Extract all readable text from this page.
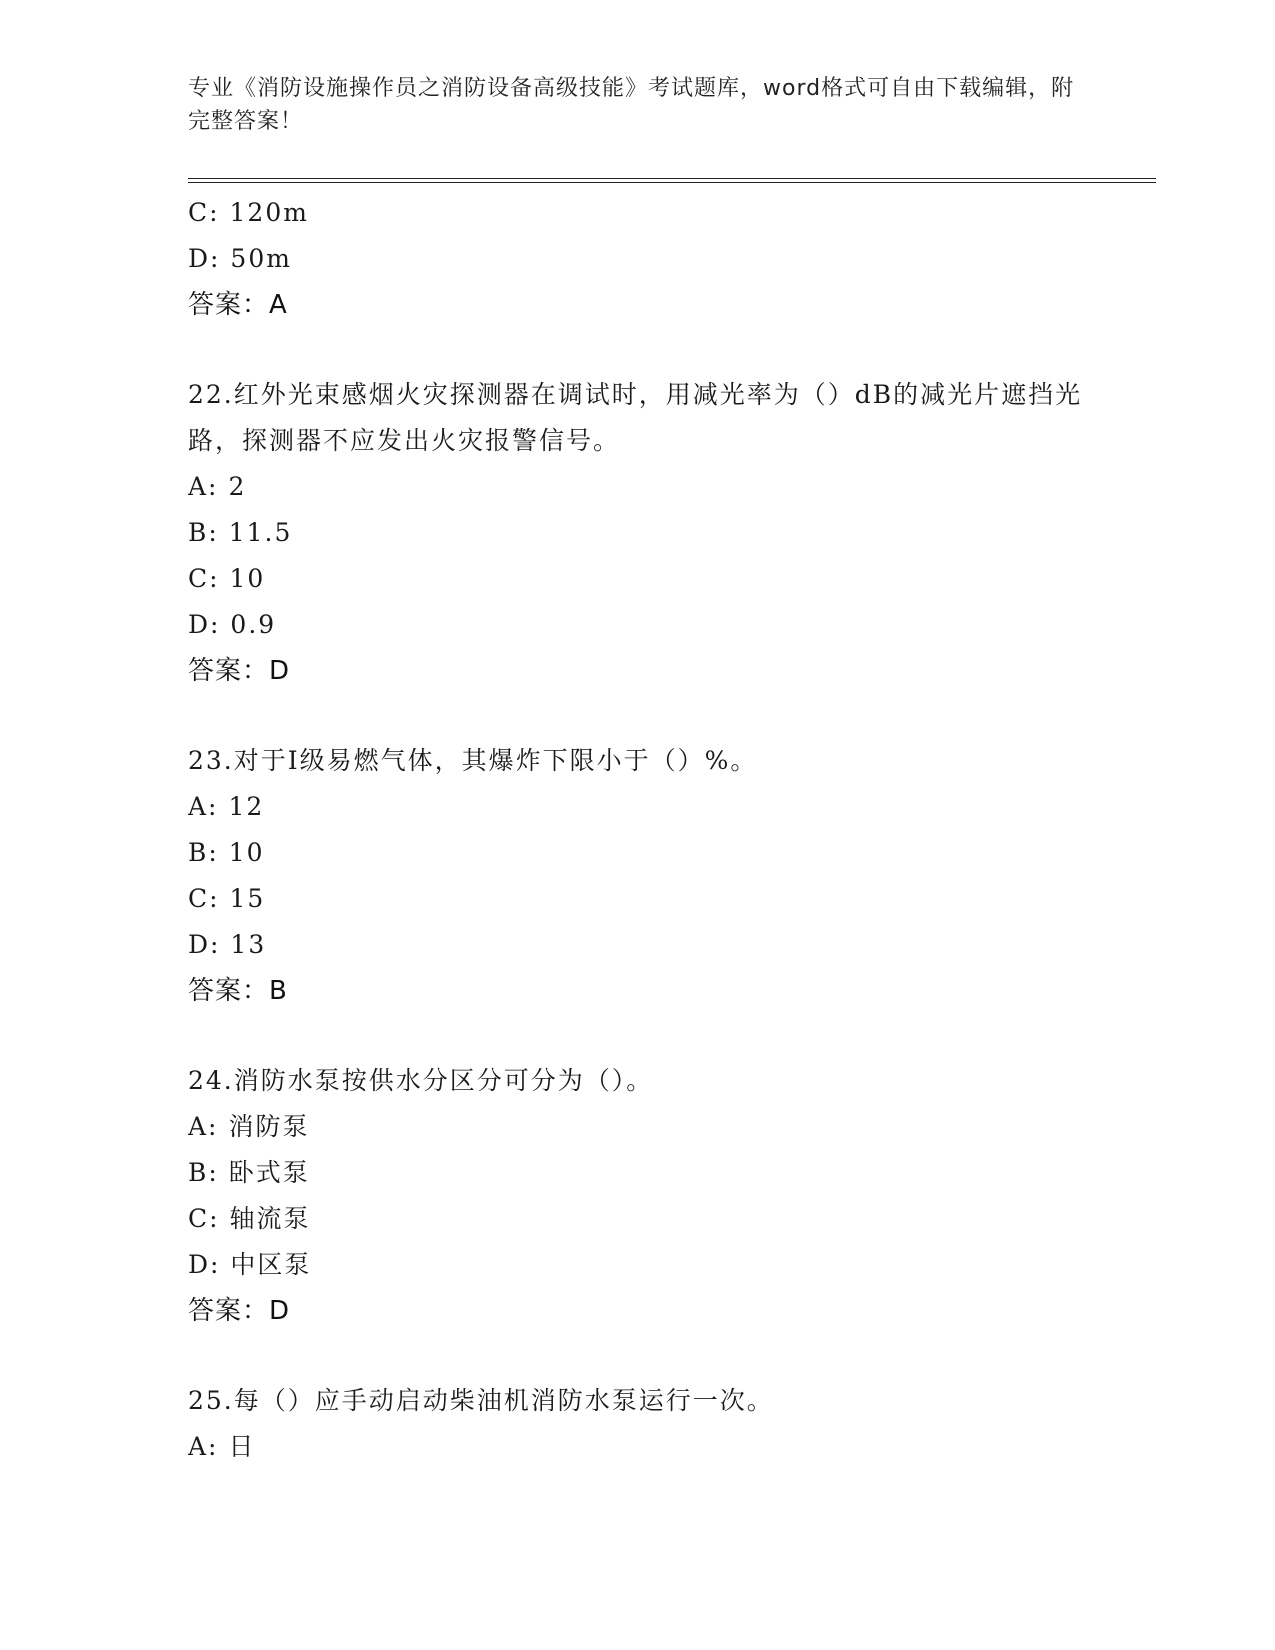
专业《消防设施操作员之消防设备高级技能》考试题库，word格式可自由下载编辑，附完整答案！
C: 120m
D: 50m
答案：A
22.红外光束感烟火灾探测器在调试时，用减光率为（）dB的减光片遮挡光路，探测器不应发出火灾报警信号。
A: 2
B: 11.5
C: 10
D: 0.9
答案：D
23.对于Ⅰ级易燃气体，其爆炸下限小于（）%。
A: 12
B: 10
C: 15
D: 13
答案：B
24.消防水泵按供水分区分可分为（）。
A: 消防泵
B: 卧式泵
C: 轴流泵
D: 中区泵
答案：D
25.每（）应手动启动柴油机消防水泵运行一次。
A: 日
